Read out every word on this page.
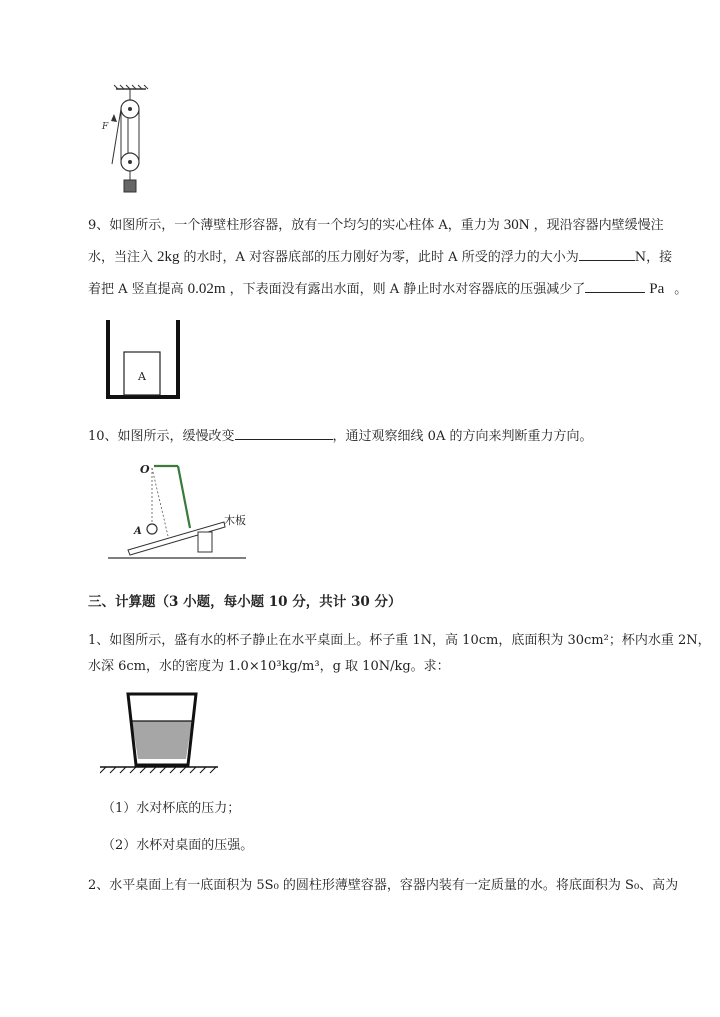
F
9、如图所示，一个薄壁柱形容器，放有一个均匀的实心柱体 A，重力为 30N ，现沿容器内壁缓慢注
水，当注入 2kg 的水时，A 对容器底部的压力刚好为零，此时 A 所受的浮力的大小为	N，接
着把 A 竖直提高 0.02m ，下表面没有露出水面，则 A 静止时水对容器底的压强减少了	Pa 。
A
10、如图所示，缓慢改变	，通过观察细线 0A 的方向来判断重力方向。
O
A
木板
三、计算题（3 小题，每小题 10 分，共计 30 分）
1、如图所示，盛有水的杯子静止在水平桌面上。杯子重 1N，高 10cm，底面积为 30cm²；杯内水重 2N，
水深 6cm，水的密度为 1.0×10³kg/m³，g 取 10N/kg。求：
（1）水对杯底的压力；
（2）水杯对桌面的压强。
2、水平桌面上有一底面积为 5S₀ 的圆柱形薄壁容器，容器内装有一定质量的水。将底面积为 S₀、高为
